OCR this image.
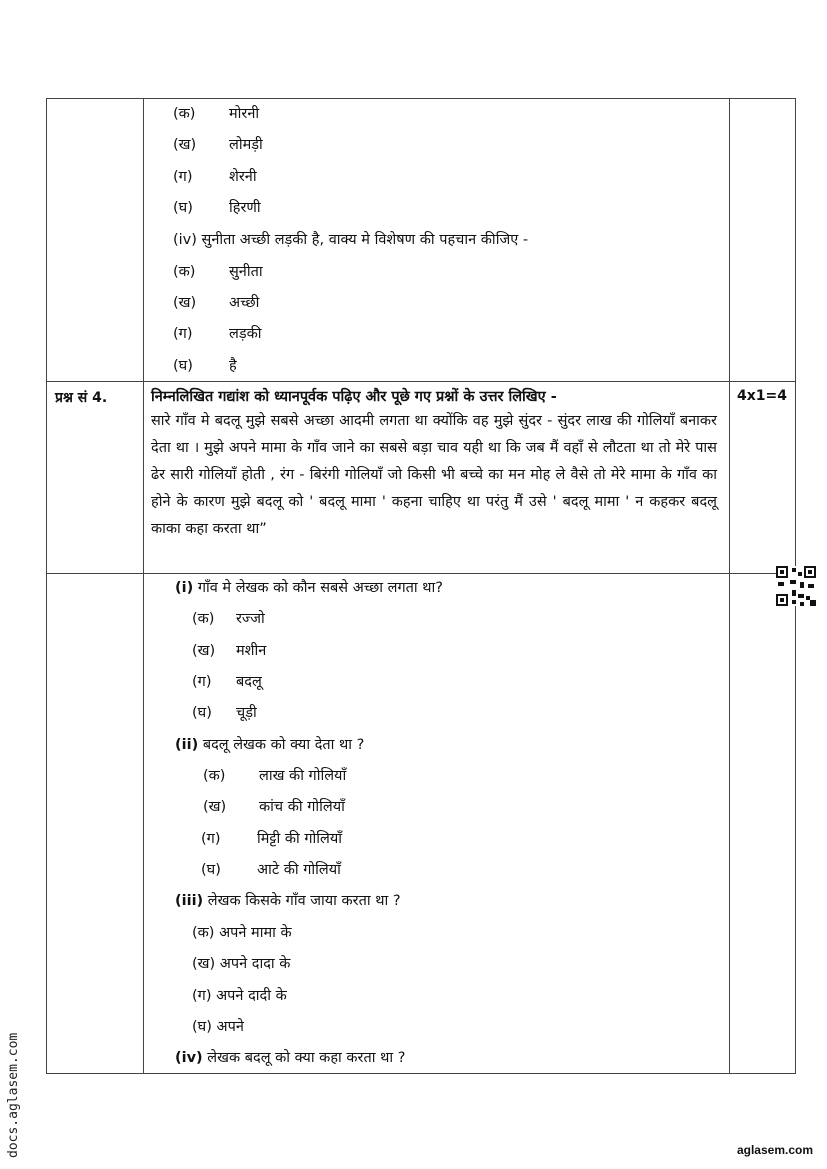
(क) मोरनी
(ख) लोमड़ी
(ग)	शेरनी
(घ) हिरणी
(iv) सुनीता अच्छी लड़की है, वाक्य मे विशेषण की पहचान कीजिए -
(क) सुनीता
(ख) अच्छी
(ग)	लड़की
(घ) है
प्रश्न सं 4.	निम्नलिखित गद्यांश को ध्यानपूर्वक पढ़िए और पूछे गए प्रश्नों के उत्तर लिखिए -	4x1=4
सारे गाँव मे बदलू मुझे सबसे अच्छा आदमी लगता था क्योंकि वह मुझे सुंदर - सुंदर लाख की गोलियाँ बनाकर देता था । मुझे अपने मामा के गाँव जाने का सबसे बड़ा चाव यही था कि जब मैं वहाँ से लौटता था तो मेरे पास ढेर सारी गोलियाँ होती , रंग - बिरंगी गोलियाँ जो किसी भी बच्चे का मन मोह ले वैसे तो मेरे मामा के गाँव का होने के कारण मुझे बदलू को ' बदलू मामा ' कहना चाहिए था परंतु मैं उसे ' बदलू मामा ' न कहकर बदलू काका कहा करता था”
(i) गाँव मे लेखक को कौन सबसे अच्छा लगता था?
(क) रज्जो
(ख) मशीन
(ग) बदलू
(घ) चूड़ी
(ii) बदलू लेखक को क्या देता था ?
(क) लाख की गोलियाँ
(ख) कांच की गोलियाँ
(ग)	मिट्टी की गोलियाँ
(घ) आटे की गोलियाँ
(iii) लेखक किसके गाँव जाया करता था ?
(क) अपने मामा के
(ख) अपने दादा के
(ग) अपने दादी के
(घ) अपने
(iv) लेखक बदलू को क्या कहा करता था ?
docs.aglasem.com	aglasem.com
